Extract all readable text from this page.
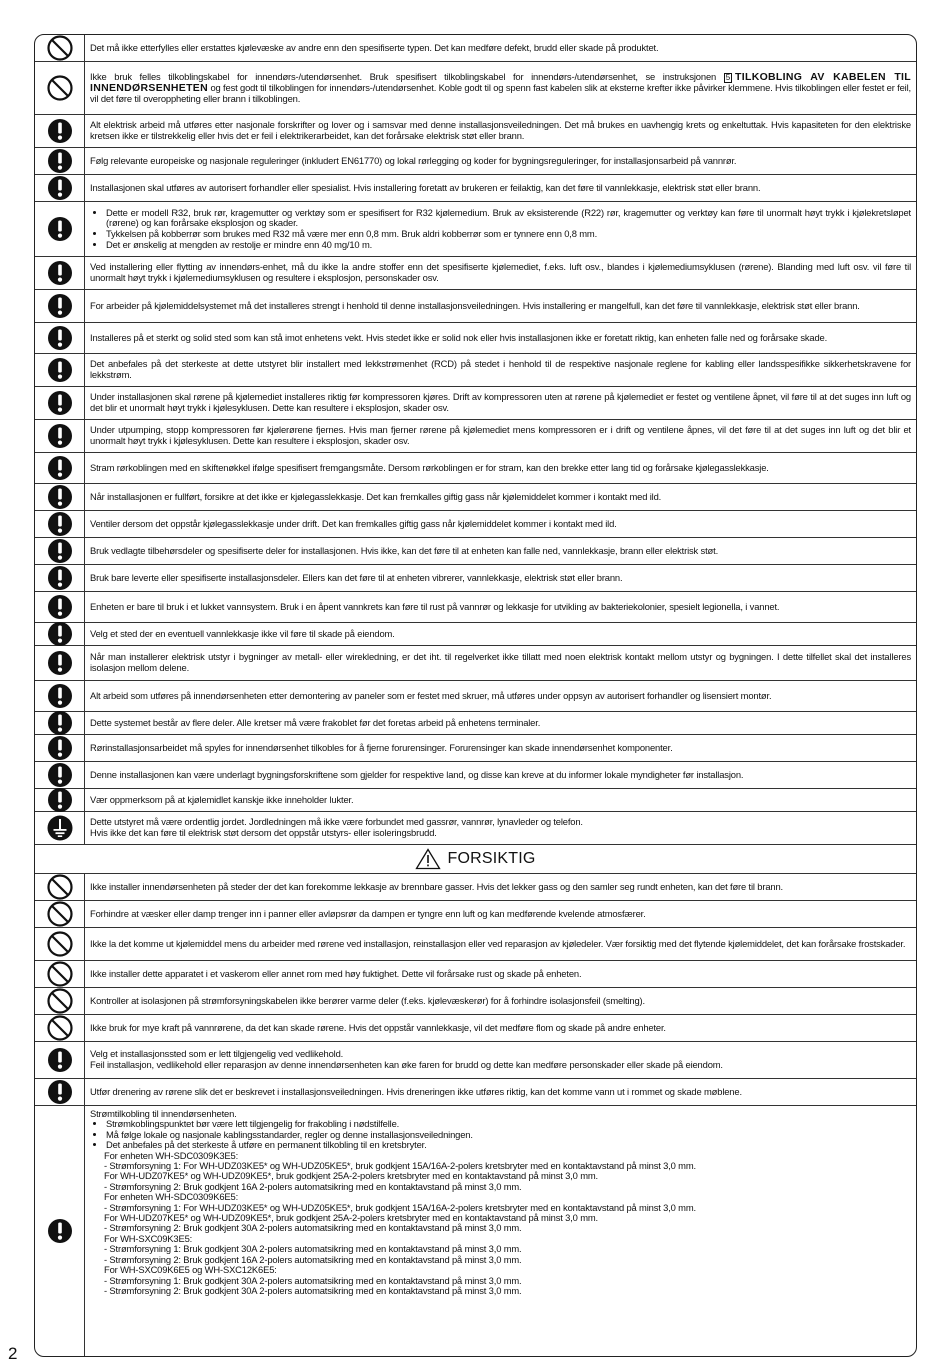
Det må ikke etterfylles eller erstattes kjølevæske av andre enn den spesifiserte typen. Det kan medføre defekt, brudd eller skade på produktet.

Ikke bruk felles tilkoblingskabel for innendørs-/utendørsenhet. Bruk spesifisert tilkoblingskabel for innendørs-/utendørsenhet, se instruksjonen 5 TILKOBLING AV KABELEN TIL INNENDØRSENHETEN og fest godt til tilkoblingen for innendørs-/utendørsenhet. Koble godt til og spenn fast kabelen slik at eksterne krefter ikke påvirker klemmene. Hvis tilkoblingen eller festet er feil, vil det føre til overoppheting eller brann i tilkoblingen.

Alt elektrisk arbeid må utføres etter nasjonale forskrifter og lover og i samsvar med denne installasjonsveiledningen. Det må brukes en uavhengig krets og enkeltuttak. Hvis kapasiteten for den elektriske kretsen ikke er tilstrekkelig eller hvis det er feil i elektrikerarbeidet, kan det forårsake elektrisk støt eller brann.

Følg relevante europeiske og nasjonale reguleringer (inkludert EN61770) og lokal rørlegging og koder for bygningsreguleringer, for installasjonsarbeid på vannrør.

Installasjonen skal utføres av autorisert forhandler eller spesialist. Hvis installering foretatt av brukeren er feilaktig, kan det føre til vannlekkasje, elektrisk støt eller brann.

• Dette er modell R32, bruk rør, kragemutter og verktøy som er spesifisert for R32 kjølemedium. Bruk av eksisterende (R22) rør, kragemutter og verktøy kan føre til unormalt høyt trykk i kjølekretsløpet (rørene) og kan forårsake eksplosjon og skader.
• Tykkelsen på kobberrør som brukes med R32 må være mer enn 0,8 mm. Bruk aldri kobberrør som er tynnere enn 0,8 mm.
• Det er ønskelig at mengden av restolje er mindre enn 40 mg/10 m.

Ved installering eller flytting av innendørs-enhet, må du ikke la andre stoffer enn det spesifiserte kjølemediet, f.eks. luft osv., blandes i kjølemediumsyklusen (rørene). Blanding med luft osv. vil føre til unormalt høyt trykk i kjølemediumsyklusen og resultere i eksplosjon, personskader osv.

For arbeider på kjølemiddelsystemet må det installeres strengt i henhold til denne installasjonsveiledningen. Hvis installering er mangelfull, kan det føre til vannlekkasje, elektrisk støt eller brann.

Installeres på et sterkt og solid sted som kan stå imot enhetens vekt. Hvis stedet ikke er solid nok eller hvis installasjonen ikke er foretatt riktig, kan enheten falle ned og forårsake skade.

Det anbefales på det sterkeste at dette utstyret blir installert med lekkstrømenhet (RCD) på stedet i henhold til de respektive nasjonale reglene for kabling eller landsspesifikke sikkerhetskravene for lekkstrøm.

Under installasjonen skal rørene på kjølemediet installeres riktig før kompressoren kjøres. Drift av kompressoren uten at rørene på kjølemediet er festet og ventilene åpnet, vil føre til at det suges inn luft og det blir et unormalt høyt trykk i kjølesyklusen. Dette kan resultere i eksplosjon, skader osv.

Under utpumping, stopp kompressoren før kjølerørene fjernes. Hvis man fjerner rørene på kjølemediet mens kompressoren er i drift og ventilene åpnes, vil det føre til at det suges inn luft og det blir et unormalt høyt trykk i kjølesyklusen. Dette kan resultere i eksplosjon, skader osv.

Stram rørkoblingen med en skiftenøkkel ifølge spesifisert fremgangsmåte. Dersom rørkoblingen er for stram, kan den brekke etter lang tid og forårsake kjølegasslekkasje.

Når installasjonen er fullført, forsikre at det ikke er kjølegasslekkasje. Det kan fremkalles giftig gass når kjølemiddelet kommer i kontakt med ild.

Ventiler dersom det oppstår kjølegasslekkasje under drift. Det kan fremkalles giftig gass når kjølemiddelet kommer i kontakt med ild.

Bruk vedlagte tilbehørsdeler og spesifiserte deler for installasjonen. Hvis ikke, kan det føre til at enheten kan falle ned, vannlekkasje, brann eller elektrisk støt.

Bruk bare leverte eller spesifiserte installasjonsdeler. Ellers kan det føre til at enheten vibrerer, vannlekkasje, elektrisk støt eller brann.

Enheten er bare til bruk i et lukket vannsystem. Bruk i en åpent vannkrets kan føre til rust på vannrør og lekkasje for utvikling av bakteriekolonier, spesielt legionella, i vannet.

Velg et sted der en eventuell vannlekkasje ikke vil føre til skade på eiendom.

Når man installerer elektrisk utstyr i bygninger av metall- eller wirekledning, er det iht. til regelverket ikke tillatt med noen elektrisk kontakt mellom utstyr og bygningen. I dette tilfellet skal det installeres isolasjon mellom delene.

Alt arbeid som utføres på innendørsenheten etter demontering av paneler som er festet med skruer, må utføres under oppsyn av autorisert forhandler og lisensiert montør.

Dette systemet består av flere deler. Alle kretser må være frakoblet før det foretas arbeid på enhetens terminaler.

Rørinstallasjonsarbeidet må spyles for innendørsenhet tilkobles for å fjerne forurensinger. Forurensinger kan skade innendørsenhet komponenter.

Denne installasjonen kan være underlagt bygningsforskriftene som gjelder for respektive land, og disse kan kreve at du informer lokale myndigheter før installasjon.

Vær oppmerksom på at kjølemidlet kanskje ikke inneholder lukter.

Dette utstyret må være ordentlig jordet. Jordledningen må ikke være forbundet med gassrør, vannrør, lynavleder og telefon.

Hvis ikke det kan føre til elektrisk støt dersom det oppstår utstyrs- eller isoleringsbrudd.

FORSIKTIG

Ikke installer innendørsenheten på steder der det kan forekomme lekkasje av brennbare gasser. Hvis det lekker gass og den samler seg rundt enheten, kan det føre til brann.

Forhindre at væsker eller damp trenger inn i panner eller avløpsrør da dampen er tyngre enn luft og kan medførende kvelende atmosfærer.

Ikke la det komme ut kjølemiddel mens du arbeider med rørene ved installasjon, reinstallasjon eller ved reparasjon av kjøledeler. Vær forsiktig med det flytende kjølemiddelet, det kan forårsake frostskader.

Ikke installer dette apparatet i et vaskerom eller annet rom med høy fuktighet. Dette vil forårsake rust og skade på enheten.

Kontroller at isolasjonen på strømforsyningskabelen ikke berører varme deler (f.eks. kjølevæskerør) for å forhindre isolasjonsfeil (smelting).

Ikke bruk for mye kraft på vannrørene, da det kan skade rørene. Hvis det oppstår vannlekkasje, vil det medføre flom og skade på andre enheter.

Velg et installasjonssted som er lett tilgjengelig ved vedlikehold.

Feil installasjon, vedlikehold eller reparasjon av denne innendørsenheten kan øke faren for brudd og dette kan medføre personskader eller skade på eiendom.

Utfør drenering av rørene slik det er beskrevet i installasjonsveiledningen. Hvis dreneringen ikke utføres riktig, kan det komme vann ut i rommet og skade møblene.

Strømtilkobling til innendørsenheten.

• Strømkoblingspunktet bør være lett tilgjengelig for frakobling i nødstilfelle.
• Må følge lokale og nasjonale kablingsstandarder, regler og denne installasjonsveiledningen.
• Det anbefales på det sterkeste å utføre en permanent tilkobling til en kretsbryter.

For enheten WH-SDC0309K3E5:

- Strømforsyning 1: For WH-UDZ03KE5* og WH-UDZ05KE5*, bruk godkjent 15A/16A-2-polers kretsbryter med en kontaktavstand på minst 3,0 mm.

For WH-UDZ07KE5* og WH-UDZ09KE5*, bruk godkjent 25A-2-polers kretsbryter med en kontaktavstand på minst 3,0 mm.

- Strømforsyning 2: Bruk godkjent 16A 2-polers automatsikring med en kontaktavstand på minst 3,0 mm.

For enheten WH-SDC0309K6E5:

- Strømforsyning 1: For WH-UDZ03KE5* og WH-UDZ05KE5*, bruk godkjent 15A/16A-2-polers kretsbryter med en kontaktavstand på minst 3,0 mm.

For WH-UDZ07KE5* og WH-UDZ09KE5*, bruk godkjent 25A-2-polers kretsbryter med en kontaktavstand på minst 3,0 mm.

- Strømforsyning 2: Bruk godkjent 30A 2-polers automatsikring med en kontaktavstand på minst 3,0 mm.

For WH-SXC09K3E5:

- Strømforsyning 1: Bruk godkjent 30A 2-polers automatsikring med en kontaktavstand på minst 3,0 mm.

- Strømforsyning 2: Bruk godkjent 16A 2-polers automatsikring med en kontaktavstand på minst 3,0 mm.

For WH-SXC09K6E5 og WH-SXC12K6E5:

- Strømforsyning 1: Bruk godkjent 30A 2-polers automatsikring med en kontaktavstand på minst 3,0 mm.

- Strømforsyning 2: Bruk godkjent 30A 2-polers automatsikring med en kontaktavstand på minst 3,0 mm.

2
